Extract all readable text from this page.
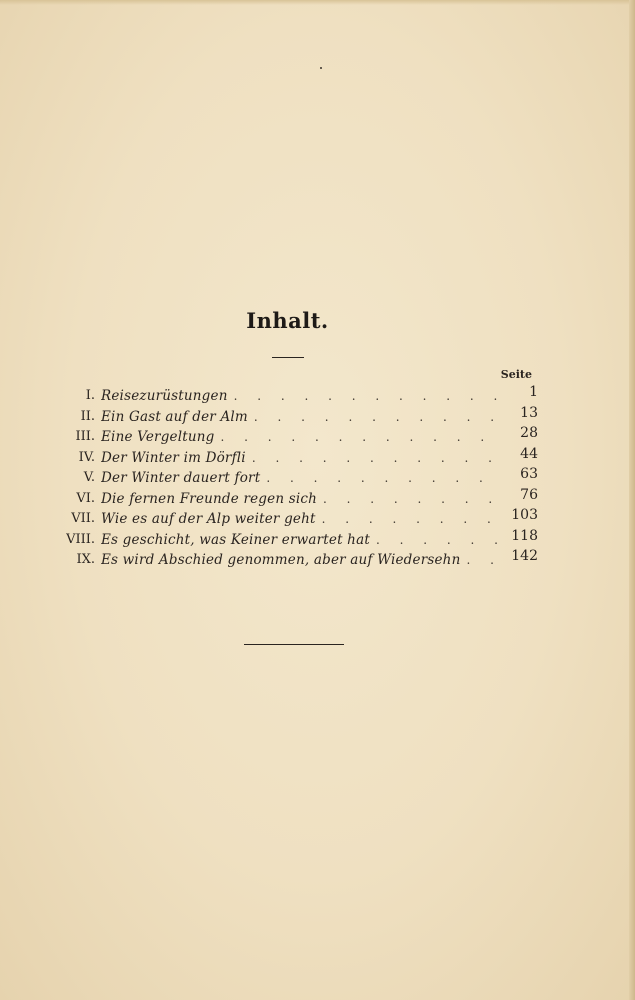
Inhalt.
Seite
I. Reisezurüstungen . . .	1
II. Ein Gast auf der Alm . . .	13
III. Eine Vergeltung . . .	28
IV. Der Winter im Dörfli . . .	44
V. Der Winter dauert fort . . .	63
VI. Die fernen Freunde regen sich . . .	76
VII. Wie es auf der Alp weiter geht . . .	103
VIII. Es geschicht, was Keiner erwartet hat . . .	118
IX. Es wird Abschied genommen, aber auf Wiedersehn . . .	142
